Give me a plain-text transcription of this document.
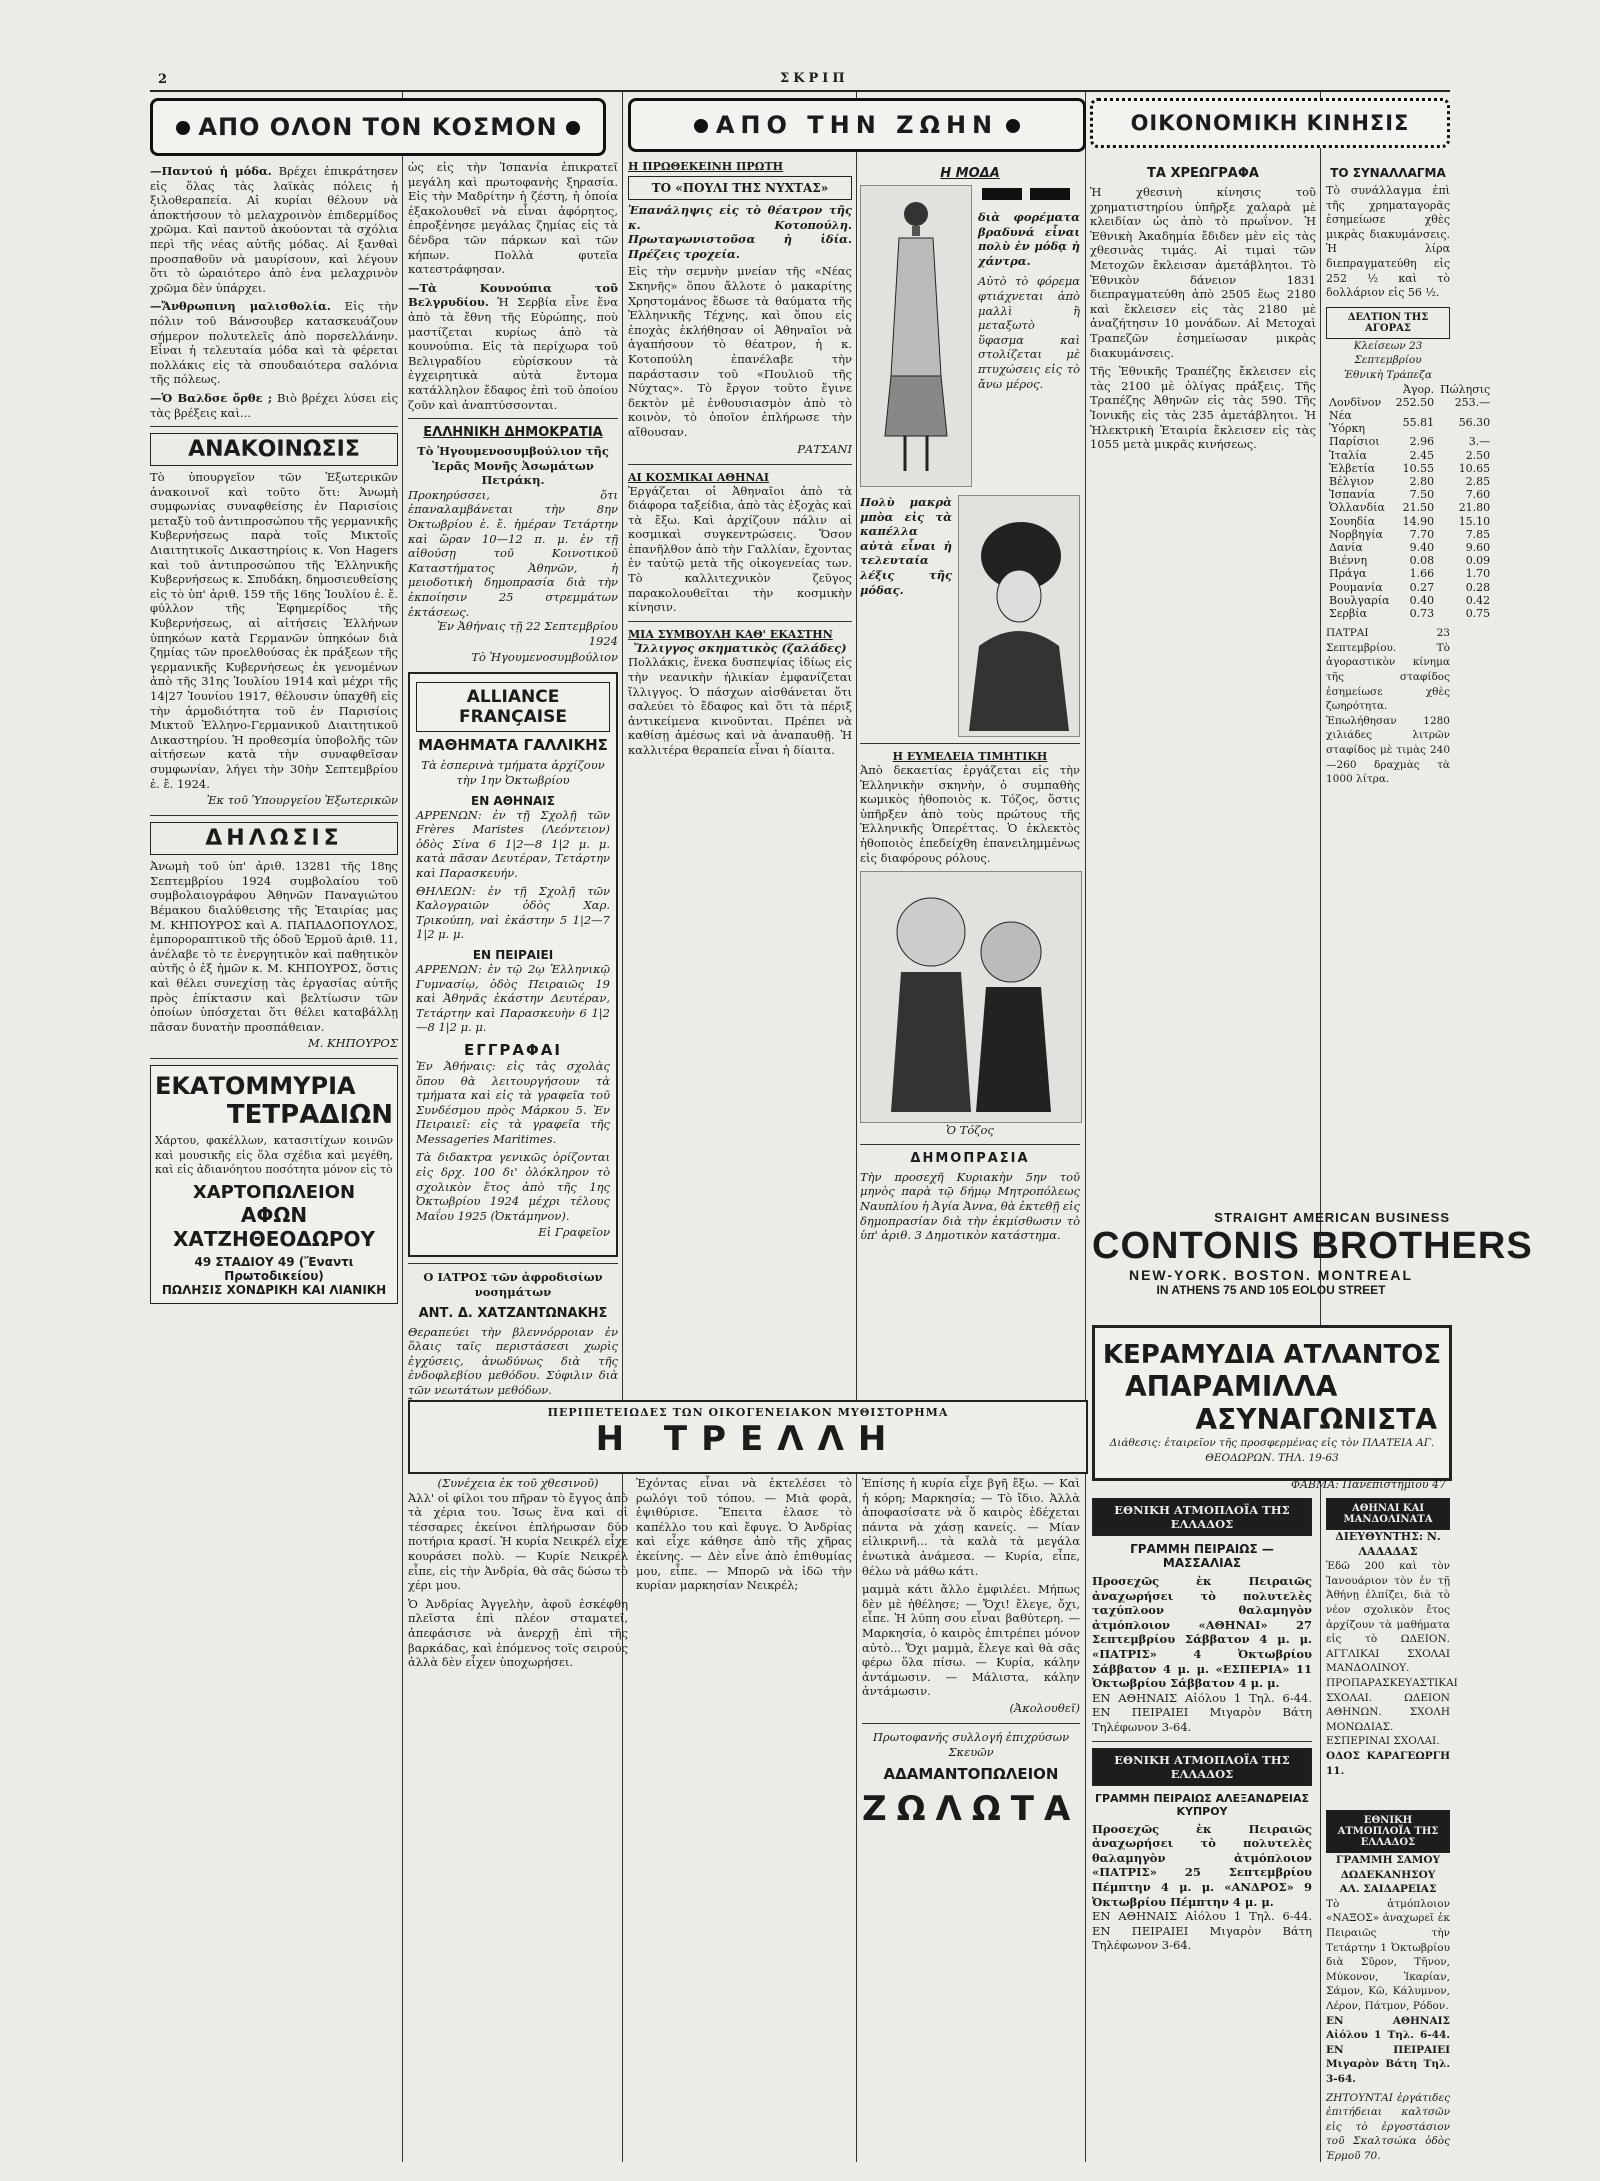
2	ΣΚΡΙΠ
ΑΠΟ ΟΛΟΝ ΤΟΝ ΚΟΣΜΟΝ
—Παντού ἡ μόδα. Βρέχει ἐπικράτησεν εἰς ὅλας τὰς λαϊκὰς πόλεις ἡ ξιλοθεραπεία. Αἱ κυρίαι θέλουν νὰ ἀποκτήσουν τὸ μελαχροινὸν ἐπιδερμίδος χρῶμα. Καὶ παντοῦ ἀκούονται τὰ σχόλια περὶ τῆς νέας αὐτῆς μόδας. Αἱ ξανθαὶ προσπαθοῦν νὰ μαυρίσουν, καὶ λέγουν ὅτι τὸ ὡραιότερο ἀπὸ ἐνα μελαχρινὸν χρῶμα δὲν ὑπάρχει.
—Ἄνθρωπινη μαλισθολία. Εἰς τὴν πόλιν τοῦ Βάνσουβερ κατασκευάζουν σήμερον πολυτελεῖς ἀπὸ πορσελλάνην. Εἶναι ἡ τελευταία μόδα καὶ τὰ φέρεται πολλάκις εἰς τὰ σπουδαιότερα σαλόνια τῆς πόλεως.
—Ὁ Βαλδσε ὄρθε ; Βιὸ βρέχει λύσει εἰς τὰς βρέξεις καὶ...
ΑΝΑΚΟΙΝΩΣΙΣ
Τὸ ὑπουργεῖον τῶν Ἐξωτερικῶν ἀνακοινοῖ καὶ τοῦτο ὅτι: Ἀνωμὴ συμφωνίας συναφθείσης ἐν Παρισίοις μεταξὺ τοῦ ἀντιπροσώπου τῆς γερμανικῆς Κυβερνήσεως παρὰ τοῖς Μικτοῖς Διαιτητικοῖς Δικαστηρίοις κ. Von Hagers καὶ τοῦ ἀντιπροσώπου τῆς Ἑλληνικῆς Κυβερνήσεως κ. Σπυδάκη, δημοσιευθείσης εἰς τὸ ὑπ' ἀριθ. 159 τῆς 16ης Ἰουλίου ἐ. ἔ. φύλλον τῆς Ἐφημερίδος τῆς Κυβερνήσεως, αἱ αἰτήσεις Ἑλλήνων ὑπηκόων κατὰ Γερμανῶν ὑπηκόων διὰ ζημίας τῶν προελθούσας ἐκ πράξεων τῆς γερμανικῆς Κυβερνήσεως ἐκ γενομένων ἀπὸ τῆς 31ης Ἰουλίου 1914 καὶ μέχρι τῆς 14|27 Ἰουνίου 1917, θέλουσιν ὑπαχθῆ εἰς τὴν ἁρμοδιότητα τοῦ ἐν Παρισίοις Μικτοῦ Ἑλληνο-Γερμανικοῦ Διαιτητικοῦ Δικαστηρίου. Ἡ προθεσμία ὑποβολῆς τῶν αἰτήσεων κατὰ τὴν συναφθεῖσαν συμφωνίαν, λήγει τὴν 30ὴν Σεπτεμβρίου ἐ. ἔ. 1924.
Ἐκ τοῦ Ὑπουργείου Ἐξωτερικῶν
ΔΗΛΩΣΙΣ
Ἀνωμὴ τοῦ ὑπ' ἀριθ. 13281 τῆς 18ης Σεπτεμβρίου 1924 συμβολαίου τοῦ συμβολαιογράφου Ἀθηνῶν Παναγιώτου Βέμακου διαλύθεισης τῆς Ἑταιρίας μας Μ. ΚΗΠΟΥΡΟΣ καὶ Α. ΠΑΠΑΔΟΠΟΥΛΟΣ, ἐμποροραπτικοῦ τῆς ὁδοῦ Ἐρμοῦ ἀριθ. 11, ἀνέλαβε τὸ τε ἐνεργητικὸν καὶ παθητικὸν αὐτῆς ὁ ἐξ ἡμῶν κ. Μ. ΚΗΠΟΥΡΟΣ, ὅστις καὶ θέλει συνεχίσῃ τὰς ἐργασίας αὐτῆς πρὸς ἐπίκτασιν καὶ βελτίωσιν τῶν ὁποίων ὑπόσχεται ὅτι θέλει καταβάλλῃ πᾶσαν δυνατὴν προσπάθειαν.
Μ. ΚΗΠΟΥΡΟΣ
ΕΚΑΤΟΜΜΥΡΙΑ
ΤΕΤΡΑΔΙΩΝ
Χάρτου, φακέλλων, κατασιτίχων κοινῶν καὶ μουσικῆς εἰς ὅλα σχέδια καὶ μεγέθη, καὶ εἰς ἀδιανόητου ποσότητα μόνον εἰς τὸ
ΧΑΡΤΟΠΩΛΕΙΟΝ
ΑΦΩΝ ΧΑΤΖΗΘΕΟΔΩΡΟΥ
49 ΣΤΑΔΙΟΥ 49 (Ἔναντι Πρωτοδικείου)
ΠΩΛΗΣΙΣ ΧΟΝΔΡΙΚΗ ΚΑΙ ΛΙΑΝΙΚΗ
ὡς εἰς τὴν Ἰσπανία ἐπικρατεῖ μεγάλη καὶ πρωτοφανὴς ξηρασία. Εἰς τὴν Μαδρίτην ἡ ζέστη, ἡ ὁποία ἐξακολουθεῖ νὰ εἶναι ἀφόρητος, ἐπροξένησε μεγάλας ζημίας εἰς τὰ δένδρα τῶν πάρκων καὶ τῶν κήπων. Πολλὰ φυτεῖα κατεστράφησαν.
—Τὰ Κουνούπια τοῦ Βελγρυδίου. Ἡ Σερβία εἶνε ἕνα ἀπὸ τὰ ἔθνη τῆς Εὐρώπης, ποὺ μαστίζεται κυρίως ἀπὸ τὰ κουνούπια. Εἰς τὰ περίχωρα τοῦ Βελιγραδίου εὑρίσκουν τὰ ἐγχειρητικὰ αὐτὰ ἔντομα κατάλληλον ἔδαφος ἐπὶ τοῦ ὁποίου ζοῦν καὶ ἀναπτύσσονται.
ΕΛΛΗΝΙΚΗ ΔΗΜΟΚΡΑΤΙΑ
Τὸ Ἡγουμενοσυμβούλιον τῆς Ἱερᾶς Μονῆς Ἀσωμάτων Πετράκη.
Προκηρύσσει, ὅτι ἐπαναλαμβάνεται τὴν 8ην Ὀκτωβρίου ἐ. ἔ. ἡμέραν Τετάρτην καὶ ὥραν 10—12 π. μ. ἐν τῇ αἰθούσῃ τοῦ Κοινοτικοῦ Καταστήματος Ἀθηνῶν, ἡ μειοδοτικὴ δημοπρασία διὰ τὴν ἐκποίησιν 25 στρεμμάτων ἐκτάσεως.
Ἐν Ἀθήναις τῇ 22 Σεπτεμβρίου 1924
Τὸ Ἡγουμενοσυμβούλιον
ALLIANCE FRANÇAISE
ΜΑΘΗΜΑΤΑ ΓΑΛΛΙΚΗΣ
Τὰ ἑσπερινὰ τμήματα ἀρχίζουν τὴν 1ην Ὀκτωβρίου
ΕΝ ΑΘΗΝΑΙΣ
ΑΡΡΕΝΩΝ: ἐν τῇ Σχολῇ τῶν Frères Maristes (Λεόντειον) ὁδὸς Σίνα 6 1|2—8 1|2 μ. μ. κατὰ πᾶσαν Δευτέραν, Τετάρτην καὶ Παρασκευήν.
ΘΗΛΕΩΝ: ἐν τῇ Σχολῇ τῶν Καλογραιῶν ὁδὸς Χαρ. Τρικούπη, ναὶ ἑκάστην 5 1|2—7 1|2 μ. μ.
ΕΝ ΠΕΙΡΑΙΕΙ
ΑΡΡΕΝΩΝ: ἐν τῷ 2ῳ Ἑλληνικῷ Γυμνασίῳ, ὁδὸς Πειραιῶς 19 καὶ Ἀθηνᾶς ἑκάστην Δευτέραν, Τετάρτην καὶ Παρασκευὴν 6 1|2—8 1|2 μ. μ.
ΕΓΓΡΑΦΑΙ
Ἐν Ἀθήναις: εἰς τὰς σχολὰς ὅπου θὰ λειτουργήσουν τὰ τμήματα καὶ εἰς τὰ γραφεῖα τοῦ Συνδέσμου πρὸς Μάρκου 5. Ἐν Πειραιεῖ: εἰς τὰ γραφεῖα τῆς Messageries Maritimes.
Τὰ διδακτρα γενικῶς ὁρίζονται εἰς δρχ. 100 δι' ὁλόκληρον τὸ σχολικὸν ἔτος ἀπὸ τῆς 1ης Ὀκτωβρίου 1924 μέχρι τέλους Μαΐου 1925 (Ὀκτάμηνον).
Εἰ Γραφεῖον
Ο ΙΑΤΡΟΣ τῶν ἀφροδισίων νοσημάτων
ΑΝΤ. Δ. ΧΑΤΖΑΝΤΩΝΑΚΗΣ
Θεραπεύει τὴν βλεννόρροιαν ἐν ὅλαις ταῖς περιστάσεσι χωρὶς ἐγχύσεις, ἀνωδύνως διὰ τῆς ἐνδοφλεβίου μεθόδου. Σύφιλιν διὰ τῶν νεωτάτων μεθόδων.
ΑΠΟ ΤΗΝ ΖΩΗΝ
Η ΠΡΩΘΕΚΕΙΝΗ ΠΡΩΤΗ
ΤΟ «ΠΟΥΛΙ ΤΗΣ ΝΥΧΤΑΣ»
Ἐπανάληψις εἰς τὸ θέατρον τῆς κ. Κοτοπούλη. Πρωταγωνιστοῦσα ἡ ἰδία. Πρέζεις τροχεία.
Εἰς τὴν σεμνὴν μνείαν τῆς «Νέας Σκηνῆς» ὅπου ἄλλοτε ὁ μακαρίτης Χρηστομάνος ἔδωσε τὰ θαύματα τῆς Ἑλληνικῆς Τέχνης, καὶ ὅπου εἰς ἐποχὰς ἐκλήθησαν οἱ Ἀθηναῖοι νὰ ἀγαπήσουν τὸ θέατρον, ἡ κ. Κοτοπούλη ἐπανέλαβε τὴν παράστασιν τοῦ «Πουλιοῦ τῆς Νύχτας». Τὸ ἔργον τοῦτο ἔγινε δεκτὸν μὲ ἐνθουσιασμὸν ἀπὸ τὸ κοινὸν, τὸ ὁποῖον ἐπλήρωσε τὴν αἴθουσαν.
ΡΑΤΣΑΝΙ
ΑΙ ΚΟΣΜΙΚΑΙ ΑΘΗΝΑΙ
Ἐργάζεται οἱ Ἀθηναῖοι ἀπὸ τὰ διάφορα ταξείδια, ἀπὸ τὰς ἐξοχὰς καὶ τὰ ἔξω. Καὶ ἀρχίζουν πάλιν αἱ κοσμικαὶ συγκεντρώσεις. Ὅσον ἐπανῆλθον ἀπὸ τὴν Γαλλίαν, ἔχοντας ἐν ταὐτῷ μετὰ τῆς οἰκογενείας των. Τὸ καλλιτεχνικὸν ζεῦγος παρακολουθεῖται τὴν κοσμικὴν κίνησιν.
ΜΙΑ ΣΥΜΒΟΥΛΗ ΚΑΘ' ΕΚΑΣΤΗΝ
Ἴλλιγγος σκηματικὸς (ζαλάδες)
Πολλάκις, ἕνεκα δυσπεψίας ἰδίως εἰς τὴν νεανικὴν ἡλικίαν ἐμφανίζεται ἴλλιγγος. Ὁ πάσχων αἰσθάνεται ὅτι σαλεύει τὸ ἔδαφος καὶ ὅτι τὰ πέριξ ἀντικείμενα κινοῦνται. Πρέπει νὰ καθίσῃ ἀμέσως καὶ νὰ ἀναπαυθῇ. Ἡ καλλιτέρα θεραπεία εἶναι ἡ δίαιτα.
Η ΜΟΔΑ
διὰ φορέματα βραδυνά εἶναι πολὺ ἐν μόδᾳ ἡ χάντρα.
Αὐτὸ τὸ φόρεμα φτιάχνεται ἀπὸ μαλλὶ ἢ μεταξωτὸ ὕφασμα καὶ στολίζεται μὲ πτυχώσεις εἰς τὸ ἄνω μέρος.
Πολὺ μακρὰ μπὸα εἰς τὰ καπέλλα αὐτὰ εἶναι ἡ τελευταία λέξις τῆς μόδας.
Η ΕΥΜΕΛΕΙΑ ΤΙΜΗΤΙΚΗ
Ἀπὸ δεκαετίας ἐργάζεται εἰς τὴν Ἑλληνικὴν σκηνὴν, ὁ συμπαθὴς κωμικὸς ἠθοποιὸς κ. Τόζος, ὅστις ὑπῆρξεν ἀπὸ τοὺς πρώτους τῆς Ἑλληνικῆς Ὀπερέττας. Ὁ ἐκλεκτὸς ἠθοποιὸς ἐπεδείχθη ἐπανειλημμένως εἰς διαφόρους ρόλους.
Ὁ Τόζος
ΔΗΜΟΠΡΑΣΙΑ
Τὴν προσεχῆ Κυριακὴν 5ην τοῦ μηνὸς παρὰ τῷ δήμῳ Μητροπόλεως Ναυπλίου ἡ Ἀγία Ἀννα, θὰ ἐκτεθῇ εἰς δημοπρασίαν διὰ τὴν ἐκμίσθωσιν τὸ ὑπ' ἀριθ. 3 Δημοτικὸν κατάστημα.
ΟΙΚΟΝΟΜΙΚΗ ΚΙΝΗΣΙΣ
ΤΑ ΧΡΕΩΓΡΑΦΑ
Ἡ χθεσινὴ κίνησις τοῦ χρηματιστηρίου ὑπῆρξε χαλαρὰ μὲ κλειδίαν ὡς ἀπὸ τὸ πρωΐνον. Ἡ Ἐθνικὴ Ἀκαδημία ἔδιδεν μὲν εἰς τὰς χθεσινὰς τιμάς. Αἱ τιμαὶ τῶν Μετοχῶν ἔκλεισαν ἀμετάβλητοι. Τὸ Ἐθνικὸν δάνειον 1831 διεπραγματεύθη ἀπὸ 2505 ἕως 2180 καὶ ἔκλεισεν εἰς τὰς 2180 μὲ ἀναζήτησιν 10 μονάδων. Αἱ Μετοχαὶ Τραπεζῶν ἐσημείωσαν μικρὰς διακυμάνσεις.
Τῆς Ἐθνικῆς Τραπέζης ἔκλεισεν εἰς τὰς 2100 μὲ ὀλίγας πράξεις. Τῆς Τραπέζης Ἀθηνῶν εἰς τὰς 590. Τῆς Ἰονικῆς εἰς τὰς 235 ἀμετάβλητοι. Ἡ Ἠλεκτρικὴ Ἑταιρία ἔκλεισεν εἰς τὰς 1055 μετὰ μικρᾶς κινήσεως.
ΤΟ ΣΥΝΑΛΛΑΓΜΑ
Τὸ συνάλλαγμα ἐπὶ τῆς χρηματαγορᾶς ἐσημείωσε χθὲς μικρὰς διακυμάνσεις. Ἡ λίρα διεπραγματεύθη εἰς 252 ½ καὶ τὸ δολλάριον εἰς 56 ½.
ΔΕΛΤΙΟΝ ΤΗΣ ΑΓΟΡΑΣ
Κλείσεων 23 Σεπτεμβρίου
Ἐθνικὴ Τράπεζα
	Ἀγορ.	Πώλησις
Λονδῖνον	252.50	253.—
Νέα Ὑόρκη	55.81	56.30
Παρίσιοι	2.96	3.—
Ἰταλία	2.45	2.50
Ἑλβετία	10.55	10.65
Βέλγιον	2.80	2.85
Ἰσπανία	7.50	7.60
Ὁλλανδία	21.50	21.80
Σουηδία	14.90	15.10
Νορβηγία	7.70	7.85
Δανία	9.40	9.60
Βιέννη	0.08	0.09
Πράγα	1.66	1.70
Ρουμανία	0.27	0.28
Βουλγαρία	0.40	0.42
Σερβία	0.73	0.75
ΠΑΤΡΑΙ 23 Σεπτεμβρίου. Τὸ ἀγοραστικὸν κίνημα τῆς σταφίδος ἐσημείωσε χθὲς ζωηρότητα. Ἐπωλήθησαν 1280 χιλιάδες λιτρῶν σταφίδος μὲ τιμὰς 240—260 δραχμὰς τὰ 1000 λίτρα.
STRAIGHT AMERICAN BUSINESS
CONTONIS BROTHERS
NEW-YORK. BOSTON. MONTREAL
IN ATHENS 75 AND 105 EOLOU STREET
ΚΕΡΑΜΥΔΙΑ ΑΤΛΑΝΤΟΣ
ΑΠΑΡΑΜΙΛΛΑ
ΑΣΥΝΑΓΩΝΙΣΤΑ
Διάθεσις: ἐταιρεῖον τῆς προσφερμένας εἰς τὸν ΠΛΑΤΕΙΑ ΑΓ. ΘΕΟΔΩΡΩΝ. ΤΗΛ. 19-63
ΦΑΒΜΑ: Πανεπιστημίου 47
ΕΘΝΙΚΗ ΑΤΜΟΠΛΟΪΑ ΤΗΣ ΕΛΛΑΔΟΣ
ΓΡΑΜΜΗ ΠΕΙΡΑΙΩΣ — ΜΑΣΣΑΛΙΑΣ
Προσεχῶς ἐκ Πειραιῶς ἀναχωρήσει τὸ πολυτελὲς ταχύπλοον θαλαμηγὸν ἀτμόπλοιον «ΑΘΗΝΑΙ» 27 Σεπτεμβρίου Σάββατον 4 μ. μ. «ΠΑΤΡΙΣ» 4 Ὀκτωβρίου Σάββατον 4 μ. μ. «ΕΣΠΕΡΙΑ» 11 Ὀκτωβρίου Σάββατον 4 μ. μ.
ΕΝ ΑΘΗΝΑΙΣ Αἰόλου 1 Τηλ. 6-44. ΕΝ ΠΕΙΡΑΙΕΙ Μιγαρὸν Βάτη Τηλέφωνον 3-64.
ΕΘΝΙΚΗ ΑΤΜΟΠΛΟΪΑ ΤΗΣ ΕΛΛΑΔΟΣ
ΓΡΑΜΜΗ ΠΕΙΡΑΙΩΣ ΑΛΕΞΑΝΔΡΕΙΑΣ ΚΥΠΡΟΥ
Προσεχῶς ἐκ Πειραιῶς ἀναχωρήσει τὸ πολυτελὲς θαλαμηγὸν ἀτμόπλοιον «ΠΑΤΡΙΣ» 25 Σεπτεμβρίου Πέμπτην 4 μ. μ. «ΑΝΔΡΟΣ» 9 Ὀκτωβρίου Πέμπτην 4 μ. μ.
ΕΝ ΑΘΗΝΑΙΣ Αἰόλου 1 Τηλ. 6-44. ΕΝ ΠΕΙΡΑΙΕΙ Μιγαρὸν Βάτη Τηλέφωνον 3-64.
ΑΘΗΝΑΙ ΚΑΙ ΜΑΝΔΟΛΙΝΑΤΑ
ΔΙΕΥΘΥΝΤΗΣ: Ν. ΛΑΔΑΔΑΣ
Ἐδῶ 200 καὶ τὸν Ἰανουάριον τὸν ἐν τῇ Ἀθήνῃ ἐλπίζει, διὰ τὸ νέον σχολικὸν ἔτος ἀρχίζουν τὰ μαθήματα εἰς τὸ ΩΔΕΙΟΝ. ΑΓΓΛΙΚΑΙ ΣΧΟΛΑΙ ΜΑΝΔΟΛΙΝΟΥ. ΠΡΟΠΑΡΑΣΚΕΥΑΣΤΙΚΑΙ ΣΧΟΛΑΙ. ΩΔΕΙΟΝ ΑΘΗΝΩΝ. ΣΧΟΛΗ ΜΟΝΩΔΙΑΣ. ΕΣΠΕΡΙΝΑΙ ΣΧΟΛΑΙ.
ΟΔΟΣ ΚΑΡΑΓΕΩΡΓΗ 11.
ΕΘΝΙΚΗ ΑΤΜΟΠΛΟΪΑ ΤΗΣ ΕΛΛΑΔΟΣ
ΓΡΑΜΜΗ ΣΑΜΟΥ ΔΩΔΕΚΑΝΗΣΟΥ
ΑΛ. ΣΑΙΔΑΡΕΙΑΣ
Τὸ ἀτμόπλοιον «ΝΑΞΟΣ» ἀναχωρεῖ ἐκ Πειραιῶς τὴν Τετάρτην 1 Ὀκτωβρίου διὰ Σῦρον, Τῆνον, Μύκονον, Ἰκαρίαν, Σάμον, Κῶ, Κάλυμνον, Λέρον, Πάτμον, Ρόδον.
ΕΝ ΑΘΗΝΑΙΣ Αἰόλου 1 Τηλ. 6-44. ΕΝ ΠΕΙΡΑΙΕΙ Μιγαρὸν Βάτη Τηλ. 3-64.
ΖΗΤΟΥΝΤΑΙ ἐργάτιδες ἐπιτήδειαι καλτσῶν εἰς τὸ ἐργοστάσιον τοῦ Σκαλτσώκα ὁδὸς Ἑρμοῦ 70.
ΠΕΡΙΠΕΤΕΙΩΔΕΣ ΤΩΝ ΟΙΚΟΓΕΝΕΙΑΚΟΝ ΜΥΘΙΣΤΟΡΗΜΑ
Η ΤΡΕΛΛΗ
(Συνέχεια ἐκ τοῦ χθεσινοῦ)
Ἀλλ' οἱ φίλοι του πῆραν τὸ ἔγγος ἀπὸ τὰ χέρια του. Ἰσως ἕνα καὶ οἱ τέσσαρες ἐκείνοι ἐπλήρωσαν δύο ποτήρια κρασί. Ἡ κυρία Νεικρέλ εἶχε κουράσει πολὺ. — Κυρίε Νεικρέλ εἶπε, εἰς τὴν Ἀνδρία, θὰ σᾶς δώσω τὸ χέρι μου.
Ὁ Ἀνδρίας Ἀγγελὴν, ἀφοῦ ἐσκέφθη πλεῖστα ἐπὶ πλέον σταματεῖ, ἀπεφάσισε νὰ ἀνερχῇ ἐπὶ τῆς βαρκάδας, καὶ ἐπόμενος τοῖς σειρούς ἀλλὰ δὲν εἶχεν ὑποχωρήσει.
Ἐχόντας εἶναι νὰ ἐκτελέσει τὸ ρωλόγι τοῦ τόπου. — Μιὰ φορὰ, ἐψιθύρισε. Ἔπειτα ἐλασε τὸ καπέλλο του καὶ ἔφυγε. Ὁ Ἀνδρίας καὶ εἶχε κάθησε ἀπὸ τῆς χῆρας ἐκείνης. — Δὲν εἶνε ἀπὸ ἐπιθυμίας μου, εἶπε. — Μπορῶ νὰ ἰδῶ τὴν κυρίαν μαρκησίαν Νεικρέλ;
Ἐπίσης ἡ κυρία εἶχε βγῆ ἔξω. — Καὶ ἡ κόρη; Μαρκησία; — Τὸ ἴδιο. Ἀλλὰ ἀποφασίσατε νὰ ὅ καιρὸς ἐδέχεται πάντα νὰ χάσῃ κανείς. — Μίαν εἰλικρινῆ... τὰ καλὰ τὰ μεγάλα ἑνωτικὰ ἀνάμεσα. — Κυρία, εἶπε, θέλω νὰ μάθω κάτι.
μαμμὰ κάτι ἄλλο ἐμφιλέει. Μήπως δὲν μὲ ἠθέλησε; — Ὄχι! ἔλεγε, ὄχι, εἶπε. Ἡ λύπη σου εἶναι βαθύτερη. — Μαρκησία, ὁ καιρὸς ἐπιτρέπει μόνον αὐτὸ... Ὄχι μαμμὰ, ἔλεγε καὶ θὰ σᾶς φέρω ὅλα πίσω. — Κυρία, κάλην ἀντάμωσιν. — Μάλιστα, κάλην ἀντάμωσιν.
(Ἀκολουθεῖ)
Πρωτοφανής συλλογή ἐπιχρύσων Σκευῶν
ΑΔΑΜΑΝΤΟΠΩΛΕΙΟΝ
ΖΩΛΩΤΑ
